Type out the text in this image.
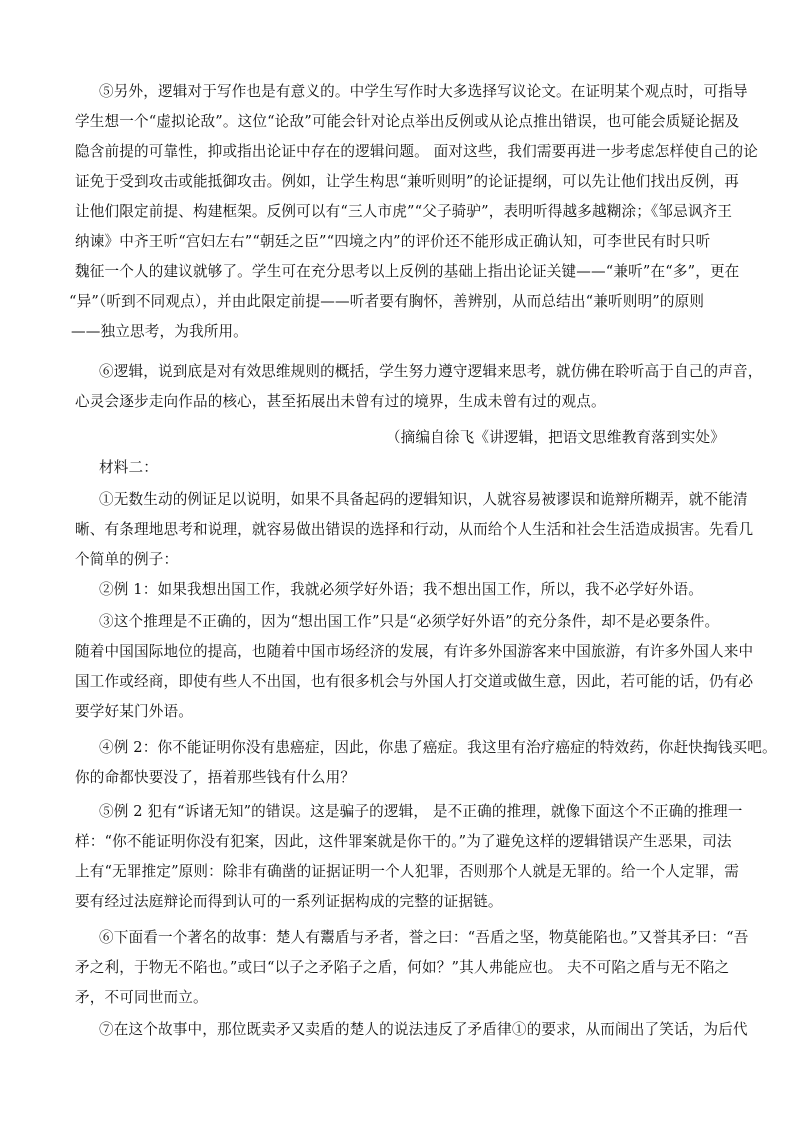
⑤另外，逻辑对于写作也是有意义的。中学生写作时大多选择写议论文。在证明某个观点时，可指导
学生想一个“虚拟论敌”。这位“论敌”可能会针对论点举出反例或从论点推出错误，也可能会质疑论据及
隐含前提的可靠性，抑或指出论证中存在的逻辑问题。 面对这些，我们需要再进一步考虑怎样使自己的论
证免于受到攻击或能抵御攻击。例如，让学生构思“兼听则明”的论证提纲，可以先让他们找出反例，再
让他们限定前提、构建框架。反例可以有“三人市虎”“父子骑驴”，表明听得越多越糊涂；《邹忌讽齐王
纳谏》中齐王听“宫妇左右”“朝廷之臣”“四境之内”的评价还不能形成正确认知，可李世民有时只听
魏征一个人的建议就够了。学生可在充分思考以上反例的基础上指出论证关键——“兼听”在“多”，更在
“异”（听到不同观点），并由此限定前提——听者要有胸怀，善辨别，从而总结出“兼听则明”的原则
——独立思考，为我所用。
⑥逻辑，说到底是对有效思维规则的概括，学生努力遵守逻辑来思考，就仿佛在聆听高于自己的声音，
心灵会逐步走向作品的核心，甚至拓展出未曾有过的境界，生成未曾有过的观点。
（摘编自徐飞《讲逻辑，把语文思维教育落到实处》
材料二：
①无数生动的例证足以说明，如果不具备起码的逻辑知识，人就容易被谬误和诡辩所糊弄，就不能清
晰、有条理地思考和说理，就容易做出错误的选择和行动，从而给个人生活和社会生活造成损害。先看几
个简单的例子：
②例 1：如果我想出国工作，我就必须学好外语；我不想出国工作，所以，我不必学好外语。
③这个推理是不正确的，因为“想出国工作”只是“必须学好外语”的充分条件，却不是必要条件。
随着中国国际地位的提高，也随着中国市场经济的发展，有许多外国游客来中国旅游，有许多外国人来中
国工作或经商，即使有些人不出国，也有很多机会与外国人打交道或做生意，因此，若可能的话，仍有必
要学好某门外语。
④例 2：你不能证明你没有患癌症，因此，你患了癌症。我这里有治疗癌症的特效药，你赶快掏钱买吧。
你的命都快要没了，捂着那些钱有什么用？
⑤例 2 犯有“诉诸无知”的错误。这是骗子的逻辑， 是不正确的推理，就像下面这个不正确的推理一
样：“你不能证明你没有犯案，因此，这件罪案就是你干的。”为了避免这样的逻辑错误产生恶果，司法
上有“无罪推定”原则：除非有确凿的证据证明一个人犯罪，否则那个人就是无罪的。给一个人定罪，需
要有经过法庭辩论而得到认可的一系列证据构成的完整的证据链。
⑥下面看一个著名的故事：楚人有鬻盾与矛者，誉之曰：“吾盾之坚，物莫能陷也。”又誉其矛曰：“吾
矛之利，于物无不陷也。”或曰“以子之矛陷子之盾，何如？”其人弗能应也。 夫不可陷之盾与无不陷之
矛，不可同世而立。
⑦在这个故事中，那位既卖矛又卖盾的楚人的说法违反了矛盾律①的要求，从而闹出了笑话，为后代
